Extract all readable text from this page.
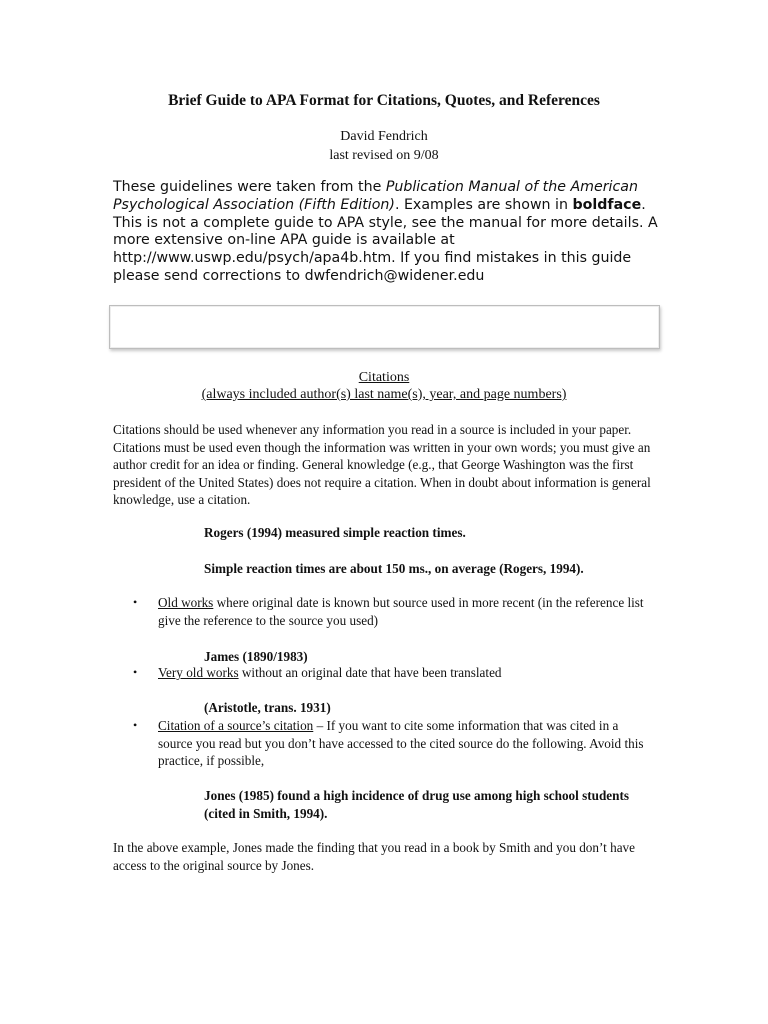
Brief Guide to APA Format for Citations, Quotes, and References
David Fendrich
last revised on 9/08
These guidelines were taken from the Publication Manual of the American Psychological Association (Fifth Edition). Examples are shown in boldface. This is not a complete guide to APA style, see the manual for more details. A more extensive on-line APA guide is available at http://www.uswp.edu/psych/apa4b.htm. If you find mistakes in this guide please send corrections to dwfendrich@widener.edu
Citations
(always included author(s) last name(s), year, and page numbers)
Citations should be used whenever any information you read in a source is included in your paper. Citations must be used even though the information was written in your own words; you must give an author credit for an idea or finding. General knowledge (e.g., that George Washington was the first president of the United States) does not require a citation. When in doubt about information is general knowledge, use a citation.
Rogers (1994) measured simple reaction times.
Simple reaction times are about 150 ms., on average (Rogers, 1994).
•	Old works where original date is known but source used in more recent (in the reference list give the reference to the source you used)
James (1890/1983)
•	Very old works without an original date that have been translated
(Aristotle, trans. 1931)
•	Citation of a source’s citation – If you want to cite some information that was cited in a source you read but you don’t have accessed to the cited source do the following. Avoid this practice, if possible,
Jones (1985) found a high incidence of drug use among high school students (cited in Smith, 1994).
In the above example, Jones made the finding that you read in a book by Smith and you don’t have access to the original source by Jones.
